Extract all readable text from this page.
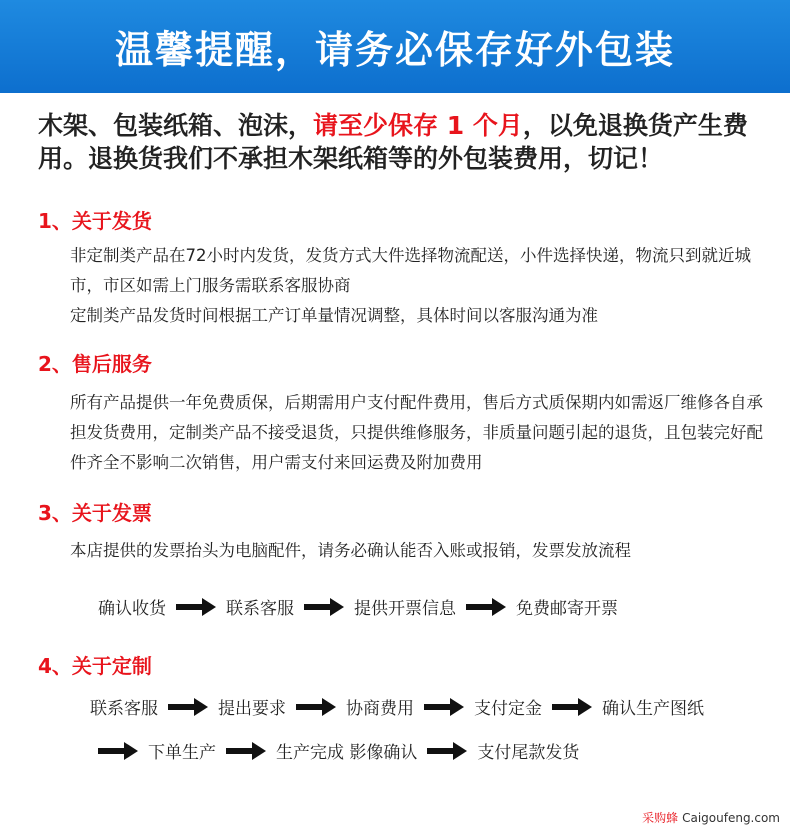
温馨提醒，请务必保存好外包装
木架、包装纸箱、泡沫，请至少保存 1 个月，以免退换货产生费用。退换货我们不承担木架纸箱等的外包装费用，切记！
1、关于发货

非定制类产品在72小时内发货，发货方式大件选择物流配送，小件选择快递，物流只到就近城市，市区如需上门服务需联系客服协商

定制类产品发货时间根据工产订单量情况调整，具体时间以客服沟通为准

2、售后服务

所有产品提供一年免费质保，后期需用户支付配件费用，售后方式质保期内如需返厂维修各自承担发货费用，定制类产品不接受退货，只提供维修服务，非质量问题引起的退货，且包装完好配件齐全不影响二次销售，用户需支付来回运费及附加费用

3、关于发票

本店提供的发票抬头为电脑配件，请务必确认能否入账或报销，发票发放流程

确认收货	联系客服	提供开票信息	免费邮寄开票
4、关于定制
联系客服	提出要求	协商费用	支付定金	确认生产图纸
下单生产	生产完成 影像确认	支付尾款发货
采购蜂 Caigoufeng.com
